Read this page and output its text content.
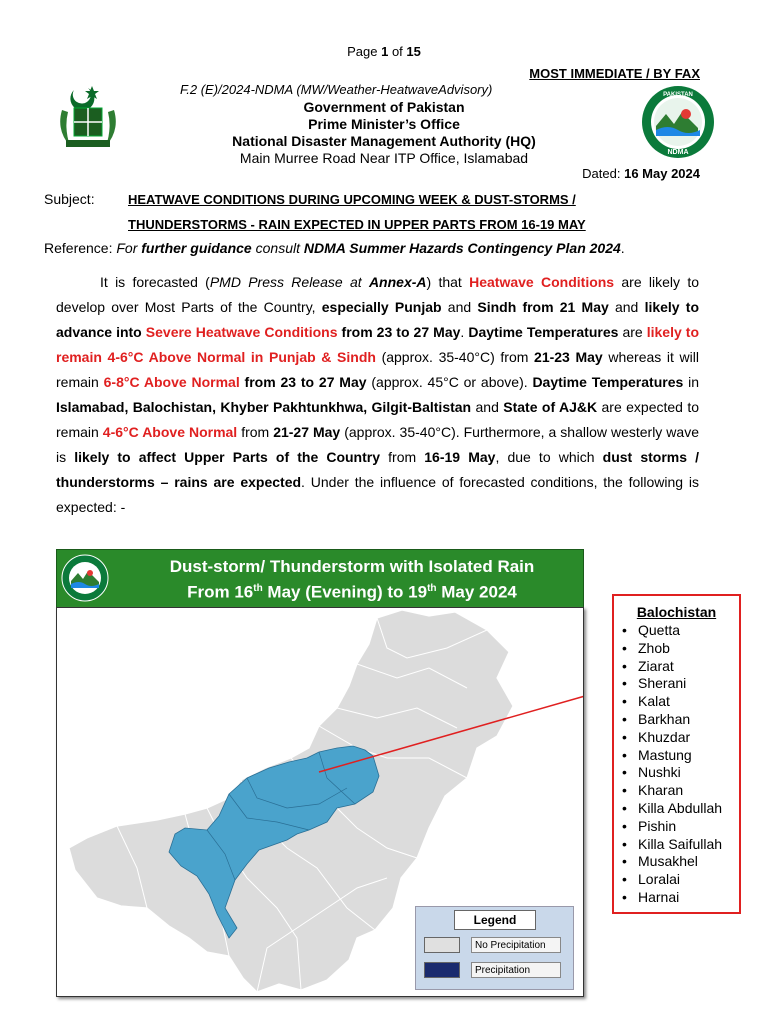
Page 1 of 15
PAKISTAN
NDMA
MOST IMMEDIATE / BY FAX
F.2 (E)/2024-NDMA (MW/Weather-HeatwaveAdvisory)
Government of Pakistan
Prime Minister’s Office
National Disaster Management Authority (HQ)
Main Murree Road Near ITP Office, Islamabad
Dated: 16 May 2024
Subject:	HEATWAVE CONDITIONS DURING UPCOMING WEEK & DUST-STORMS /
THUNDERSTORMS - RAIN EXPECTED IN UPPER PARTS FROM 16-19 MAY
Reference: For further guidance consult NDMA Summer Hazards Contingency Plan 2024.
It is forecasted (PMD Press Release at Annex-A) that Heatwave Conditions are likely to develop over Most Parts of the Country, especially Punjab and Sindh from 21 May and likely to advance into Severe Heatwave Conditions from 23 to 27 May. Daytime Temperatures are likely to remain 4-6°C Above Normal in Punjab & Sindh (approx. 35-40°C) from 21-23 May whereas it will remain 6-8°C Above Normal from 23 to 27 May (approx. 45°C or above). Daytime Temperatures in Islamabad, Balochistan, Khyber Pakhtunkhwa, Gilgit-Baltistan and State of AJ&K are expected to remain 4-6°C Above Normal from 21-27 May (approx. 35-40°C). Furthermore, a shallow westerly wave is likely to affect Upper Parts of the Country from 16-19 May, due to which dust storms / thunderstorms – rains are expected. Under the influence of forecasted conditions, the following is expected: -
Dust-storm/ Thunderstorm with Isolated Rain
From 16th May (Evening) to 19th May 2024
Legend
No Precipitation
Precipitation
Balochistan
• Quetta
• Zhob
• Ziarat
• Sherani
• Kalat
• Barkhan
• Khuzdar
• Mastung
• Nushki
• Kharan
• Killa Abdullah
• Pishin
• Killa Saifullah
• Musakhel
• Loralai
• Harnai
